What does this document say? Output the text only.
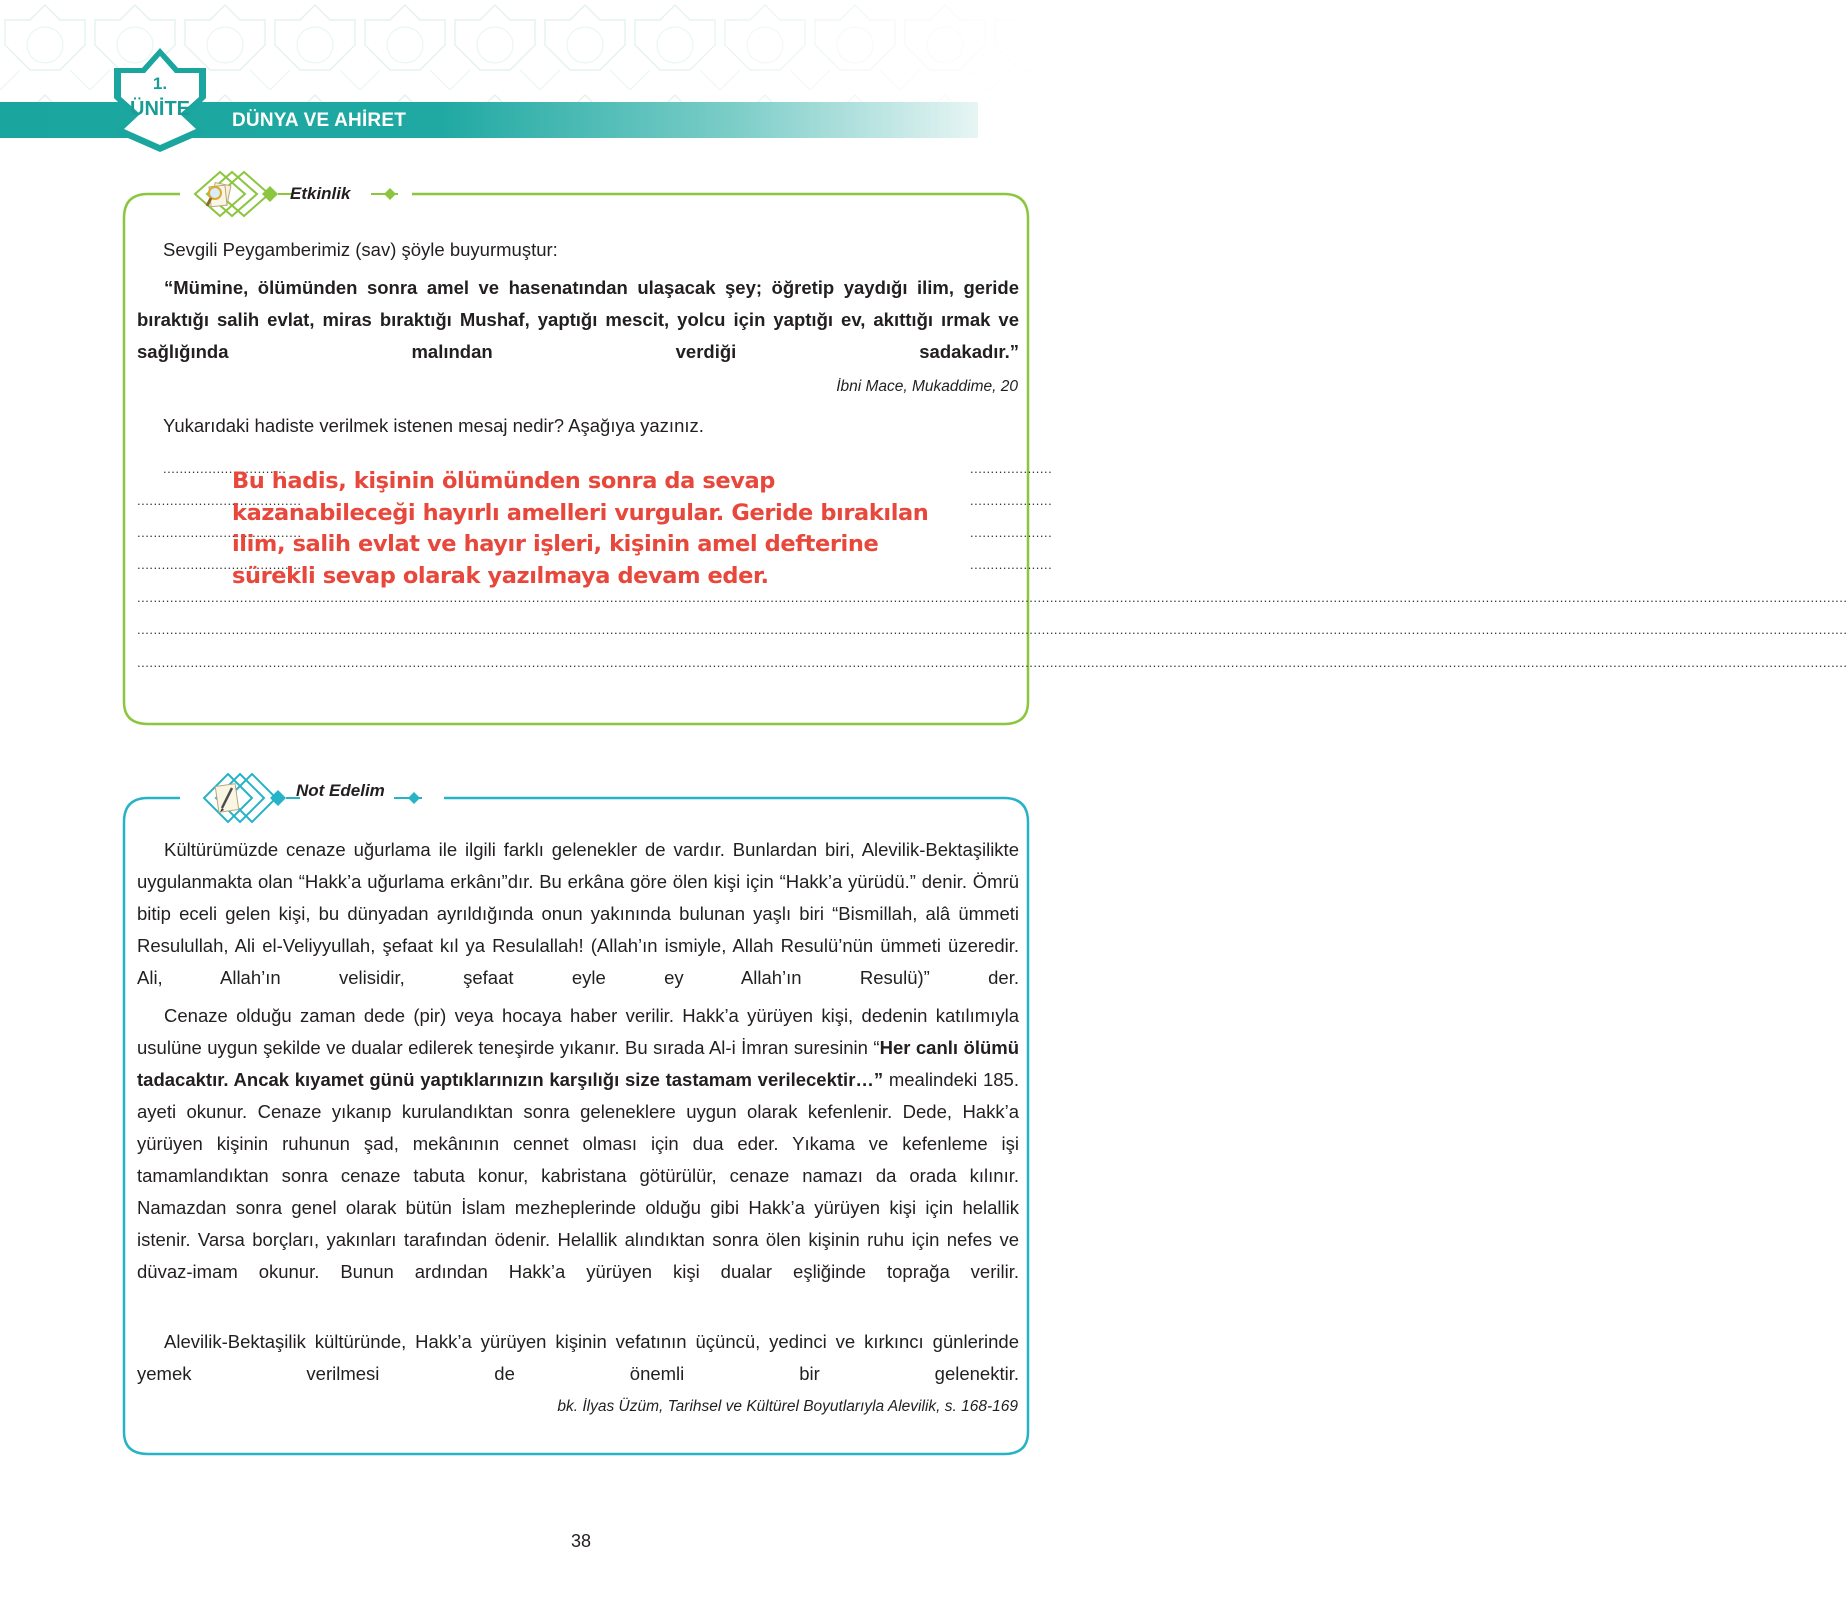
DÜNYA VE AHİRET
1.
ÜNİTE
Etkinlik
Sevgili Peygamberimiz (sav) şöyle buyurmuştur:
“Mümine, ölümünden sonra amel ve hasenatından ulaşacak şey; öğretip yaydığı ilim, geride bıraktığı salih evlat, miras bıraktığı Mushaf, yaptığı mescit, yolcu için yaptığı ev, akıttığı ırmak ve sağlığında malından verdiği sadakadır.”
İbni Mace, Mukaddime, 20
Yukarıdaki hadiste verilmek istenen mesaj nedir? Aşağıya yazınız.
..............................	....................
........................................	....................
........................................	....................
........................................	....................
................................................................................................................................................................................................................................................................................................................................................................................................................................
................................................................................................................................................................................................................................................................................................................................................................................................................................
................................................................................................................................................................................................................................................................................................................................................................................................................................
Bu hadis, kişinin ölümünden sonra da sevap kazanabileceği hayırlı amelleri vurgular. Geride bırakılan ilim, salih evlat ve hayır işleri, kişinin amel defterine sürekli sevap olarak yazılmaya devam eder.
Not Edelim
Kültürümüzde cenaze uğurlama ile ilgili farklı gelenekler de vardır. Bunlardan biri, Alevilik-Bektaşilikte uygulanmakta olan “Hakk’a uğurlama erkânı”dır. Bu erkâna göre ölen kişi için “Hakk’a yürüdü.” denir. Ömrü bitip eceli gelen kişi, bu dünyadan ayrıldığında onun yakınında bulunan yaşlı biri “Bismillah, alâ ümmeti Resulullah, Ali el-Veliyyullah, şefaat kıl ya Resulallah! (Allah’ın ismiyle, Allah Resulü’nün ümmeti üzeredir. Ali, Allah’ın velisidir, şefaat eyle ey Allah’ın Resulü)” der.
Cenaze olduğu zaman dede (pir) veya hocaya haber verilir. Hakk’a yürüyen kişi, dedenin katılımıyla usulüne uygun şekilde ve dualar edilerek teneşirde yıkanır. Bu sırada Al-i İmran suresinin “Her canlı ölümü tadacaktır. Ancak kıyamet günü yaptıklarınızın karşılığı size tastamam verilecektir…” mealindeki 185. ayeti okunur. Cenaze yıkanıp kurulandıktan sonra geleneklere uygun olarak kefenlenir. Dede, Hakk’a yürüyen kişinin ruhunun şad, mekânının cennet olması için dua eder. Yıkama ve kefenleme işi tamamlandıktan sonra cenaze tabuta konur, kabristana götürülür, cenaze namazı da orada kılınır. Namazdan sonra genel olarak bütün İslam mezheplerinde olduğu gibi Hakk’a yürüyen kişi için helallik istenir. Varsa borçları, yakınları tarafından ödenir. Helallik alındıktan sonra ölen kişinin ruhu için nefes ve düvaz-imam okunur. Bunun ardından Hakk’a yürüyen kişi dualar eşliğinde toprağa verilir.
Alevilik-Bektaşilik kültüründe, Hakk’a yürüyen kişinin vefatının üçüncü, yedinci ve kırkıncı günlerinde yemek verilmesi de önemli bir gelenektir.
bk. İlyas Üzüm, Tarihsel ve Kültürel Boyutlarıyla Alevilik, s. 168-169
38
